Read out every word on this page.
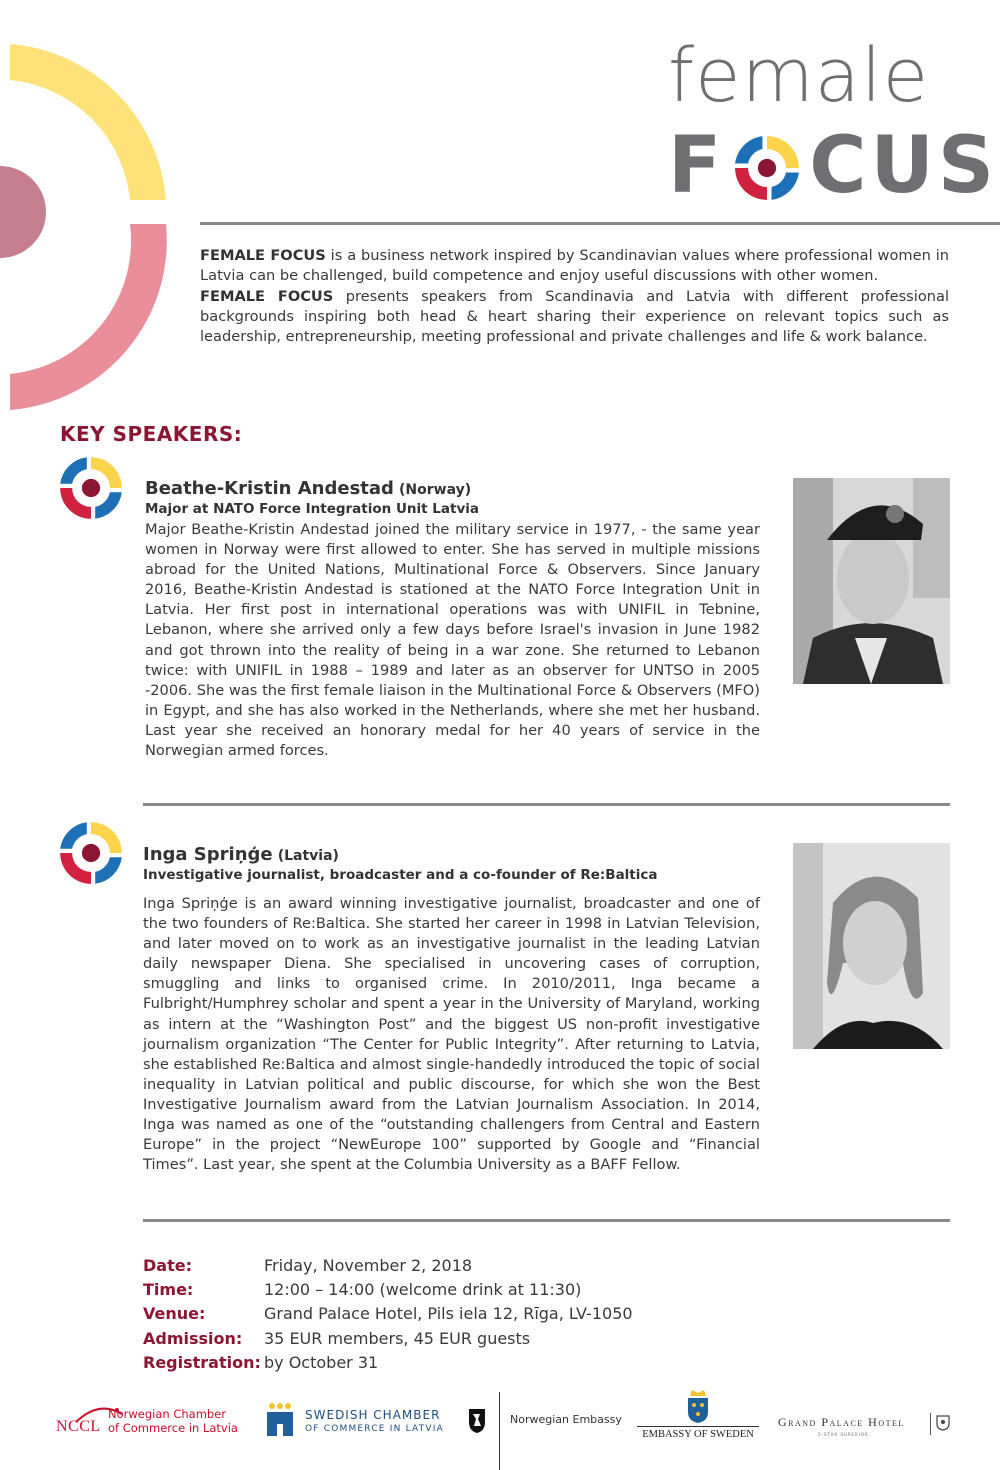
female
F CUS
FEMALE FOCUS is a business network inspired by Scandinavian values where professional women in Latvia can be challenged, build competence and enjoy useful discussions with other women.
FEMALE FOCUS presents speakers from Scandinavia and Latvia with different professional backgrounds inspiring both head & heart sharing their experience on relevant topics such as leadership, entrepreneurship, meeting professional and private challenges and life & work balance.
KEY SPEAKERS:
Beathe-Kristin Andestad (Norway)
Major at NATO Force Integration Unit Latvia
Major Beathe-Kristin Andestad joined the military service in 1977, - the same year women in Norway were first allowed to enter. She has served in multiple missions abroad for the United Nations, Multinational Force & Observers. Since January 2016, Beathe-Kristin Andestad is stationed at the NATO Force Integration Unit in Latvia. Her first post in international operations was with UNIFIL in Tebnine, Lebanon, where she arrived only a few days before Israel's invasion in June 1982 and got thrown into the reality of being in a war zone. She returned to Lebanon twice: with UNIFIL in 1988 – 1989 and later as an observer for UNTSO in 2005 -2006. She was the first female liaison in the Multinational Force & Observers (MFO) in Egypt, and she has also worked in the Netherlands, where she met her husband. Last year she received an honorary medal for her 40 years of service in the Norwegian armed forces.
Inga Spriņģe (Latvia)
Investigative journalist, broadcaster and a co-founder of Re:Baltica
Inga Spriņģe is an award winning investigative journalist, broadcaster and one of the two founders of Re:Baltica. She started her career in 1998 in Latvian Television, and later moved on to work as an investigative journalist in the leading Latvian daily newspaper Diena. She specialised in uncovering cases of corruption, smuggling and links to organised crime. In 2010/2011, Inga became a Fulbright/Humphrey scholar and spent a year in the University of Maryland, working as intern at the “Washington Post” and the biggest US non-profit investigative journalism organization “The Center for Public Integrity”. After returning to Latvia, she established Re:Baltica and almost single-handedly introduced the topic of social inequality in Latvian political and public discourse, for which she won the Best Investigative Journalism award from the Latvian Journalism Association. In 2014, Inga was named as one of the “outstanding challengers from Central and Eastern Europe” in the project “NewEurope 100” supported by Google and “Financial Times”. Last year, she spent at the Columbia University as a BAFF Fellow.
Date:	Friday, November 2, 2018
Time:	12:00 – 14:00 (welcome drink at 11:30)
Venue:	Grand Palace Hotel, Pils iela 12, Rīga, LV-1050
Admission:	35 EUR members, 45 EUR guests
Registration: by October 31
NCCL
Norwegian Chamber
of Commerce in Latvia
SWEDISH CHAMBER
OF COMMERCE IN LATVIA
Norwegian Embassy
EMBASSY OF SWEDEN
Grand Palace Hotel
5-STAR SUPERIOR
